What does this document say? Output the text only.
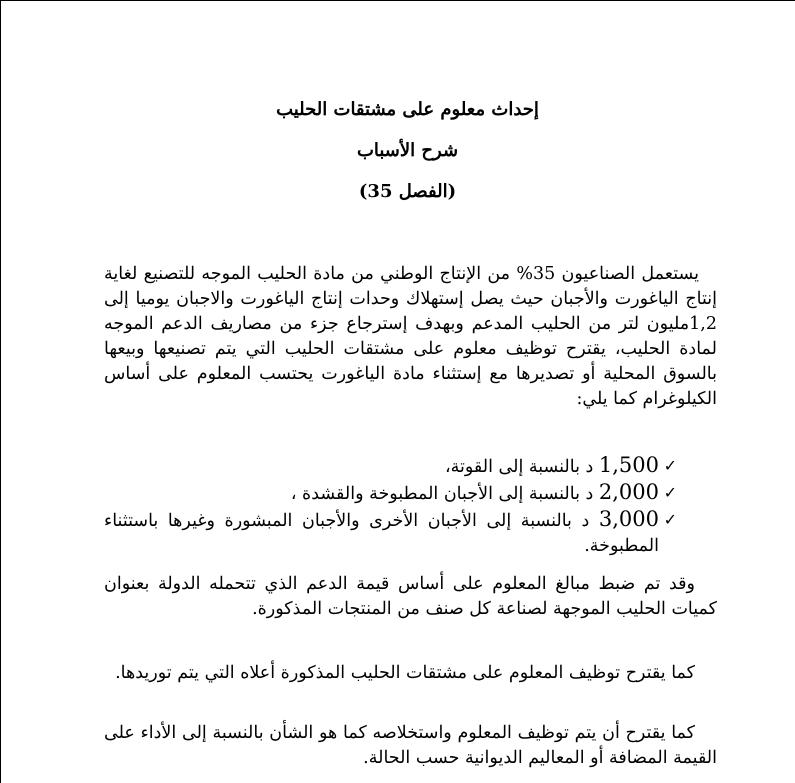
إحداث معلوم على مشتقات الحليب
شرح الأسباب
(الفصل 35)

يستعمل الصناعيون 35% من الإنتاج الوطني من مادة الحليب الموجه للتصنيع لغاية إنتاج الياغورت والأجبان حيث يصل إستهلاك وحدات إنتاج الياغورت والاجبان يوميا إلى 1,2مليون لتر من الحليب المدعم وبهدف إسترجاع جزء من مصاريف الدعم الموجه لمادة الحليب، يقترح توظيف معلوم على مشتقات الحليب التي يتم تصنيعها وبيعها بالسوق المحلية أو تصديرها مع إستثناء مادة الياغورت يحتسب المعلوم على أساس الكيلوغرام كما يلي:

✓
1,500 د بالنسبة إلى القوتة،
✓
2,000 د بالنسبة إلى الأجبان المطبوخة والقشدة ،
✓
3,000 د بالنسبة إلى الأجبان الأخرى والأجبان المبشورة وغيرها باستثناء المطبوخة.

وقد تم ضبط مبالغ المعلوم على أساس قيمة الدعم الذي تتحمله الدولة بعنوان كميات الحليب الموجهة لصناعة كل صنف من المنتجات المذكورة.

كما يقترح توظيف المعلوم على مشتقات الحليب المذكورة أعلاه التي يتم توريدها.

كما يقترح أن يتم توظيف المعلوم واستخلاصه كما هو الشأن بالنسبة إلى الأداء على القيمة المضافة أو المعاليم الديوانية حسب الحالة.
